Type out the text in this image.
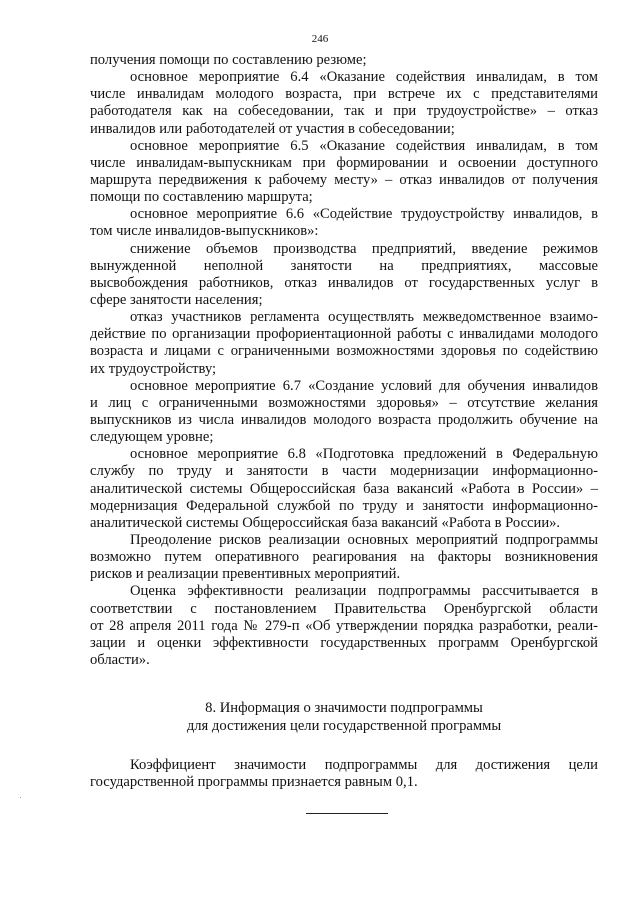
246
получения помощи по составлению резюме;
основное мероприятие 6.4 «Оказание содействия инвалидам, в том
числе инвалидам молодого возраста, при встрече их с представителями
работодателя как на собеседовании, так и при трудоустройстве» – отказ
инвалидов или работодателей от участия в собеседовании;
основное мероприятие 6.5 «Оказание содействия инвалидам, в том
числе инвалидам-выпускникам при формировании и освоении доступного
маршрута передвижения к рабочему месту» – отказ инвалидов от получения
помощи по составлению маршрута;
основное мероприятие 6.6 «Содействие трудоустройству инвалидов, в
том числе инвалидов-выпускников»:
снижение объемов производства предприятий, введение режимов
вынужденной неполной занятости на предприятиях, массовые
высвобождения работников, отказ инвалидов от государственных услуг в
сфере занятости населения;
отказ участников регламента осуществлять межведомственное взаимо-
действие по организации профориентационной работы с инвалидами молодого
возраста и лицами с ограниченными возможностями здоровья по содействию
их трудоустройству;
основное мероприятие 6.7 «Создание условий для обучения инвалидов
и лиц с ограниченными возможностями здоровья» – отсутствие желания
выпускников из числа инвалидов молодого возраста продолжить обучение на
следующем уровне;
основное мероприятие 6.8 «Подготовка предложений в Федеральную
службу по труду и занятости в части модернизации информационно-
аналитической системы Общероссийская база вакансий «Работа в России» –
модернизация Федеральной службой по труду и занятости информационно-
аналитической системы Общероссийская база вакансий «Работа в России».
Преодоление рисков реализации основных мероприятий подпрограммы
возможно путем оперативного реагирования на факторы возникновения
рисков и реализации превентивных мероприятий.
Оценка эффективности реализации подпрограммы рассчитывается в
соответствии с постановлением Правительства Оренбургской области
от 28 апреля 2011 года № 279-п «Об утверждении порядка разработки, реали-
зации и оценки эффективности государственных программ Оренбургской
области».
8. Информация о значимости подпрограммы
для достижения цели государственной программы
Коэффициент значимости подпрограммы для достижения цели
государственной программы признается равным 0,1.
